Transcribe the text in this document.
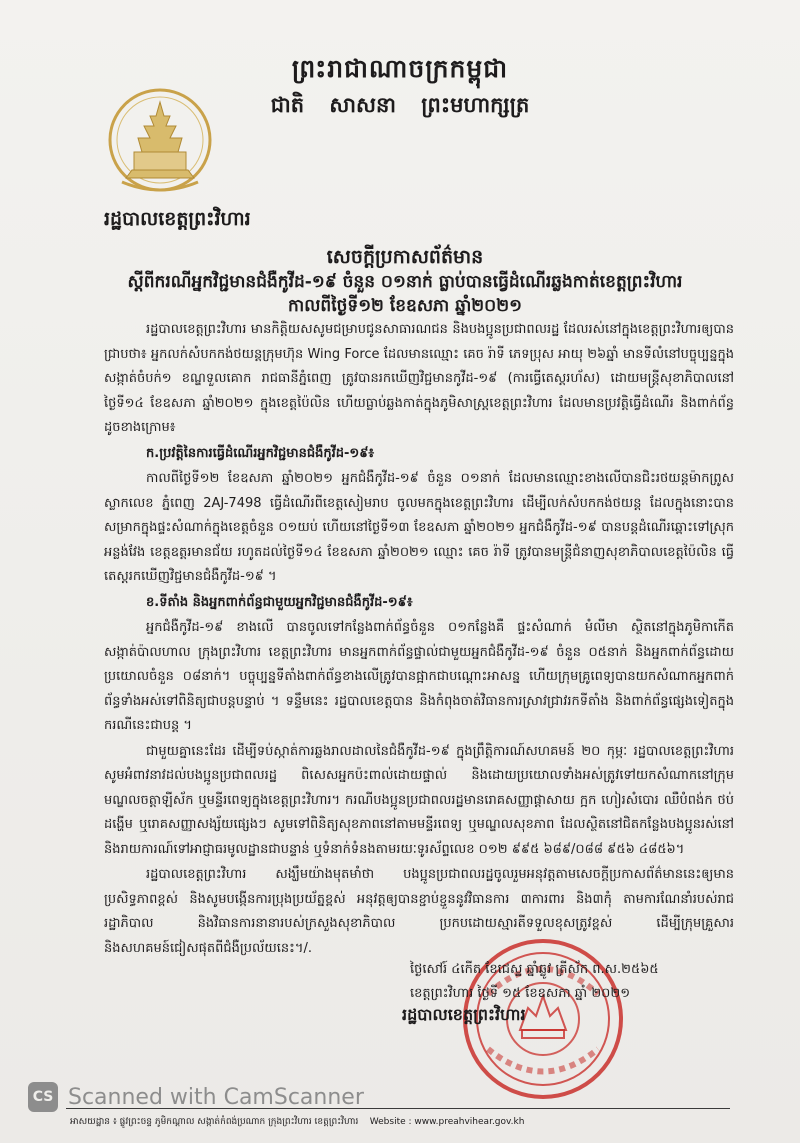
ព្រះរាជាណាចក្រកម្ពុជា
ជាតិ សាសនា ព្រះមហាក្សត្រ
រដ្ឋបាលខេត្តព្រះវិហារ
សេចក្តីប្រកាសព័ត៌មាន
ស្តីពីករណីអ្នកវិជ្ជមានជំងឺកូវីដ-១៩ ចំនួន ០១នាក់ ធ្លាប់បានធ្វើដំណើរឆ្លងកាត់ខេត្តព្រះវិហារ
កាលពីថ្ងៃទី១២ ខែឧសភា ឆ្នាំ២០២១

រដ្ឋបាលខេត្តព្រះវិហារ មានកិត្តិយសសូមជម្រាបជូនសាធារណជន និងបងប្អូនប្រជាពលរដ្ឋ ដែលរស់នៅក្នុងខេត្តព្រះវិហារឲ្យបានជ្រាបថា៖ អ្នកលក់សំបកកង់ថយន្តក្រុមហ៊ុន Wing Force ដែលមានឈ្មោះ គេច រ៉ាទី ភេទប្រុស អាយុ ២៦ឆ្នាំ មានទីលំនៅបច្ចុប្បន្នក្នុងសង្កាត់ចំបក់១ ខណ្ឌទួលគោក រាជធានីភ្នំពេញ ត្រូវបានរកឃើញវិជ្ជមានកូវីដ-១៩ (ការធ្វើតេស្តរហ័ស) ដោយមន្ត្រីសុខាភិបាលនៅថ្ងៃទី១៤ ខែឧសភា ឆ្នាំ២០២១ ក្នុងខេត្តប៉ៃលិន ហើយធ្លាប់ឆ្លងកាត់ក្នុងភូមិសាស្ត្រខេត្តព្រះវិហារ ដែលមានប្រវត្តិធ្វើដំណើរ និងពាក់ព័ន្ធដូចខាងក្រោម៖

ក.ប្រវត្តិនៃការធ្វើដំណើរអ្នកវិជ្ជមានជំងឺកូវីដ-១៩៖

កាលពីថ្ងៃទី១២ ខែឧសភា ឆ្នាំ២០២១ អ្នកជំងឺកូវីដ-១៩ ចំនួន ០១នាក់ ដែលមានឈ្មោះខាងលើបានជិះរថយន្តម៉ាកព្រូស ស្លាកលេខ ភ្នំពេញ 2AJ-7498 ធ្វើដំណើរពីខេត្តសៀមរាប ចូលមកក្នុងខេត្តព្រះវិហារ ដើម្បីលក់សំបកកង់ថយន្ត ដែលក្នុងនោះបានសម្រាកក្នុងផ្ទះសំណាក់ក្នុងខេត្តចំនួន ០១យប់ ហើយនៅថ្ងៃទី១៣ ខែឧសភា ឆ្នាំ២០២១ អ្នកជំងឺកូវីដ-១៩ បានបន្តដំណើរឆ្ពោះទៅស្រុកអន្លង់វែង ខេត្តឧត្តរមានជ័យ រហូតដល់ថ្ងៃទី១៤ ខែឧសភា ឆ្នាំ២០២១ ឈ្មោះ គេច រ៉ាទី ត្រូវបានមន្ត្រីជំនាញសុខាភិបាលខេត្តប៉ៃលិន ធ្វើតេស្តរកឃើញវិជ្ជមានជំងឺកូវីដ-១៩ ។

ខ.ទីតាំង និងអ្នកពាក់ព័ន្ធជាមួយអ្នកវិជ្ជមានជំងឺកូវីដ-១៩៖

អ្នកជំងឺកូវីដ-១៩ ខាងលើ បានចូលទៅកន្លែងពាក់ព័ន្ធចំនួន ០១កន្លែងគឺ ផ្ទះសំណាក់ មំលីមា ស្ថិតនៅក្នុងភូមិកាកើត សង្កាត់ប៉ាលហាល ក្រុងព្រះវិហារ ខេត្តព្រះវិហារ មានអ្នកពាក់ព័ន្ធផ្ទាល់ជាមួយអ្នកជំងឺកូវីដ-១៩ ចំនួន ០៥នាក់ និងអ្នកពាក់ព័ន្ធដោយប្រយោលចំនួន ០៨នាក់។ បច្ចុប្បន្នទីតាំងពាក់ព័ន្ធខាងលើត្រូវបានផ្អាកជាបណ្តោះអាសន្ន ហើយក្រុមគ្រូពេទ្យបានយកសំណាកអ្នកពាក់ព័ន្ធទាំងអស់ទៅពិនិត្យជាបន្តបន្ទាប់ ។ ទន្ទឹមនេះ រដ្ឋបាលខេត្តបាន និងកំពុងចាត់វិធានការស្រាវជ្រាវរកទីតាំង និងពាក់ព័ន្ធផ្សេងទៀតក្នុងករណីនេះជាបន្ត ។

ជាមួយគ្នានេះដែរ ដើម្បីទប់ស្កាត់ការឆ្លងរាលដាលនៃជំងឺកូវីដ-១៩ ក្នុងព្រឹត្តិការណ៍សហគមន៍ ២០ កុម្ភៈ រដ្ឋបាលខេត្តព្រះវិហារ សូមអំពាវនាវដល់បងប្អូនប្រជាពលរដ្ឋ ពិសេសអ្នកប៉ះពាល់ដោយផ្ទាល់ និងដោយប្រយោលទាំងអស់ត្រូវទៅយកសំណាកនៅក្រុមមណ្ឌលចត្តាឡីស័ក ឬមន្ទីរពេទ្យក្នុងខេត្តព្រះវិហារ។ ករណីបងប្អូនប្រជាពលរដ្ឋមានរោគសញ្ញាផ្តាសាយ ក្អក ហៀរសំបោរ ឈឺបំពង់ក ថប់ដង្ហើម ឬរោគសញ្ញាសង្ស័យផ្សេងៗ សូមទៅពិនិត្យសុខភាពនៅតាមមន្ទីរពេទ្យ ឬមណ្ឌលសុខភាព ដែលស្ថិតនៅជិតកន្លែងបងប្អូនរស់នៅ និងរាយការណ៍ទៅអាជ្ញាធរមូលដ្ឋានជាបន្ទាន់ ឬទំនាក់ទំនងតាមរយៈទូរស័ព្ទលេខ ០១២ ៩៩៥ ៦៨៩/០៨៨ ៩៥៦ ៤៨៥៦។

រដ្ឋបាលខេត្តព្រះវិហារ សង្ឃឹមយ៉ាងមុតមាំថា បងប្អូនប្រជាពលរដ្ឋចូលរួមអនុវត្តតាមសេចក្តីប្រកាសព័ត៌មាននេះឲ្យមានប្រសិទ្ធភាពខ្ពស់ និងសូមបង្កើនការប្រុងប្រយ័ត្នខ្ពស់ អនុវត្តឲ្យបានខ្ជាប់ខ្ជួននូវវិធានការ ៣ការពារ និង៣កុំ តាមការណែនាំរបស់រាជរដ្ឋាភិបាល និងវិធានការនានារបស់ក្រសួងសុខាភិបាល ប្រកបដោយស្មារតីទទួលខុសត្រូវខ្ពស់ ដើម្បីក្រុមគ្រួសារ និងសហគមន៍ជៀសផុតពីជំងឺប្រល័យនេះ។/.

ថ្ងៃសៅរ៍ ៤កើត ខែជេស្ឋ ឆ្នាំឆ្លូវ ត្រីស័ក ព.ស.២៥៦៥
ខេត្តព្រះវិហារ ថ្ងៃទី ១៥ ខែឧសភា ឆ្នាំ ២០២១
រដ្ឋបាលខេត្តព្រះវិហារ
CS Scanned with CamScanner
អាសយដ្ឋាន ៖ ផ្លូវព្រះចន្ទ ភូមិកណ្តាល សង្កាត់កំពង់ប្រណាក ក្រុងព្រះវិហារ ខេត្តព្រះវិហារ Website : www.preahvihear.gov.kh
